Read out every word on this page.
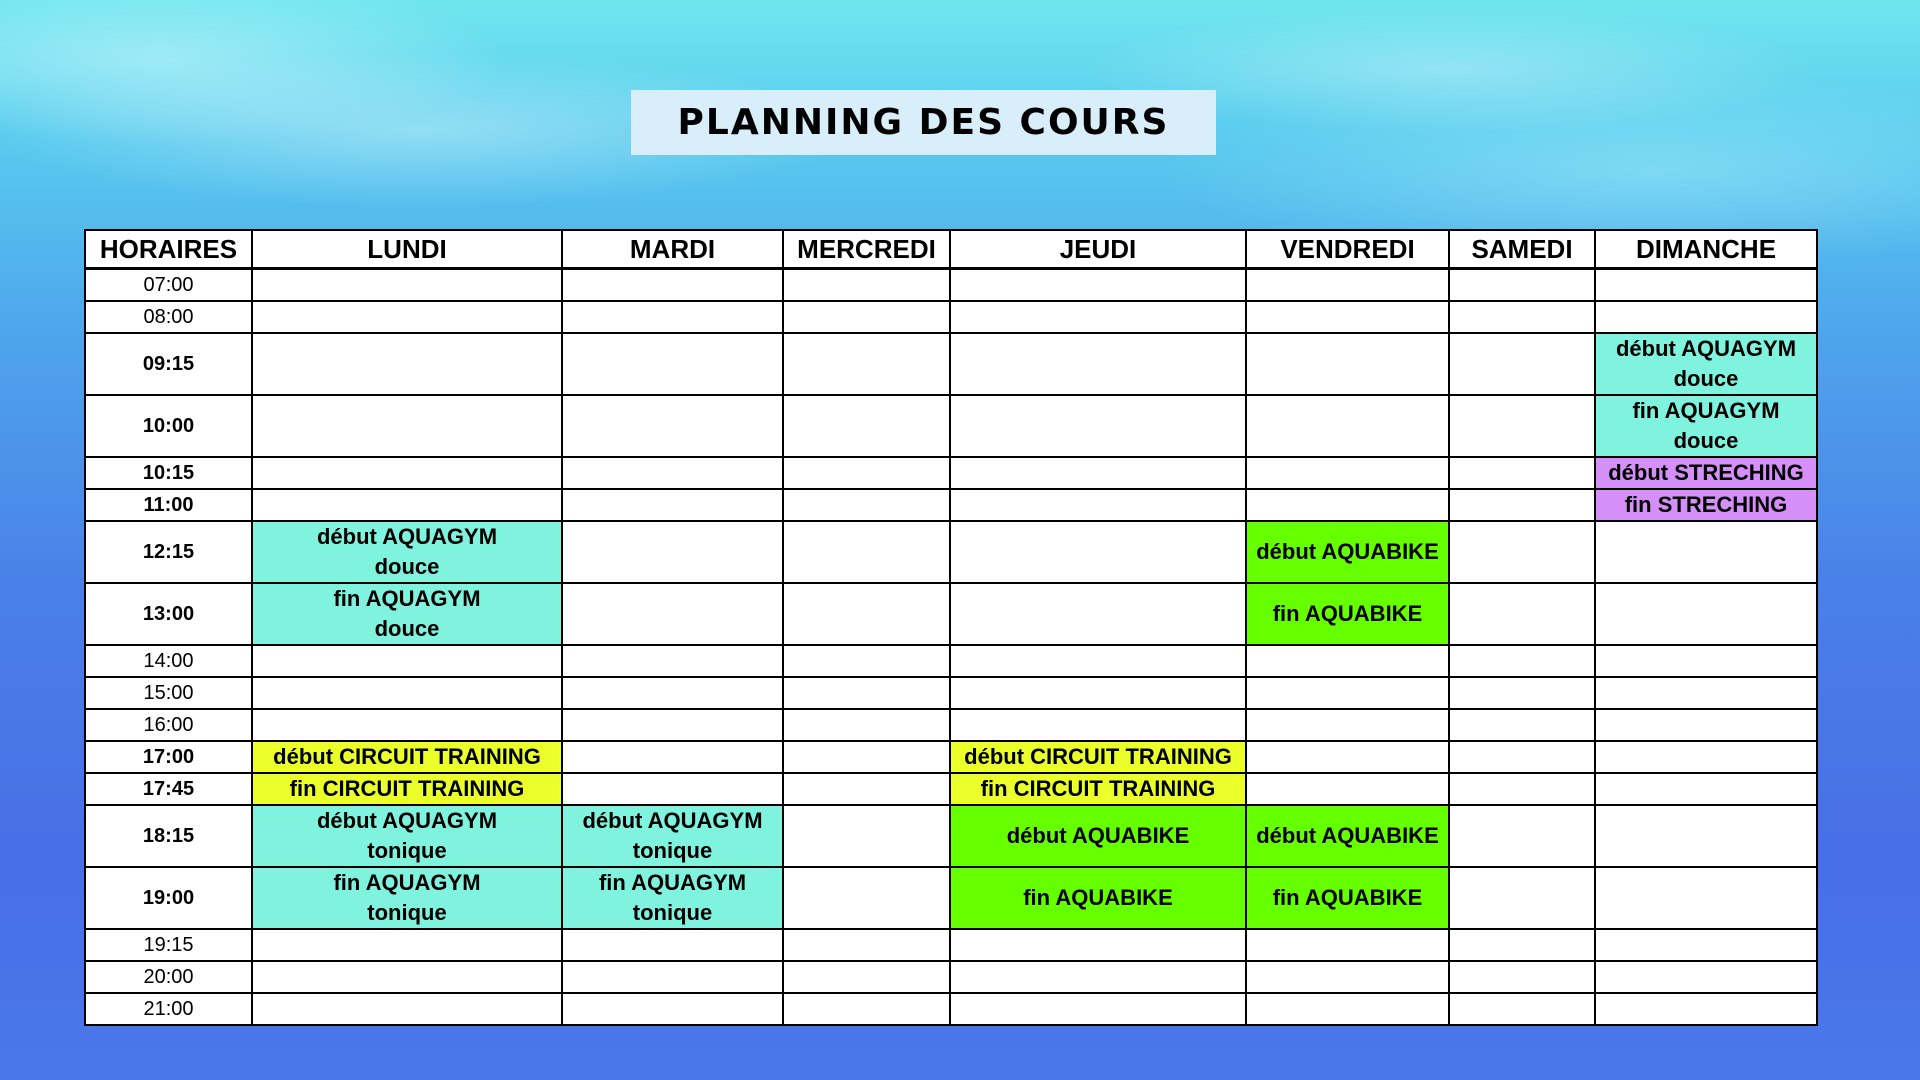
PLANNING DES COURS
HORAIRES	LUNDI	MARDI	MERCREDI	JEUDI	VENDREDI	SAMEDI	DIMANCHE
07:00							
08:00							
09:15							début AQUAGYM
douce

10:00							fin AQUAGYM
douce

10:15							début STRECHING

11:00							fin STRECHING

12:15	début AQUAGYM
douce				début AQUABIKE		

13:00	fin AQUAGYM
douce				fin AQUABIKE		

14:00							
15:00							
16:00							
17:00	début CIRCUIT TRAINING			début CIRCUIT TRAINING			

17:45	fin CIRCUIT TRAINING			fin CIRCUIT TRAINING			

18:15	début AQUAGYM
tonique	début AQUAGYM
tonique		début AQUABIKE	début AQUABIKE		

19:00	fin AQUAGYM
tonique	fin AQUAGYM
tonique		fin AQUABIKE	fin AQUABIKE		

19:15							
20:00							
21:00							
